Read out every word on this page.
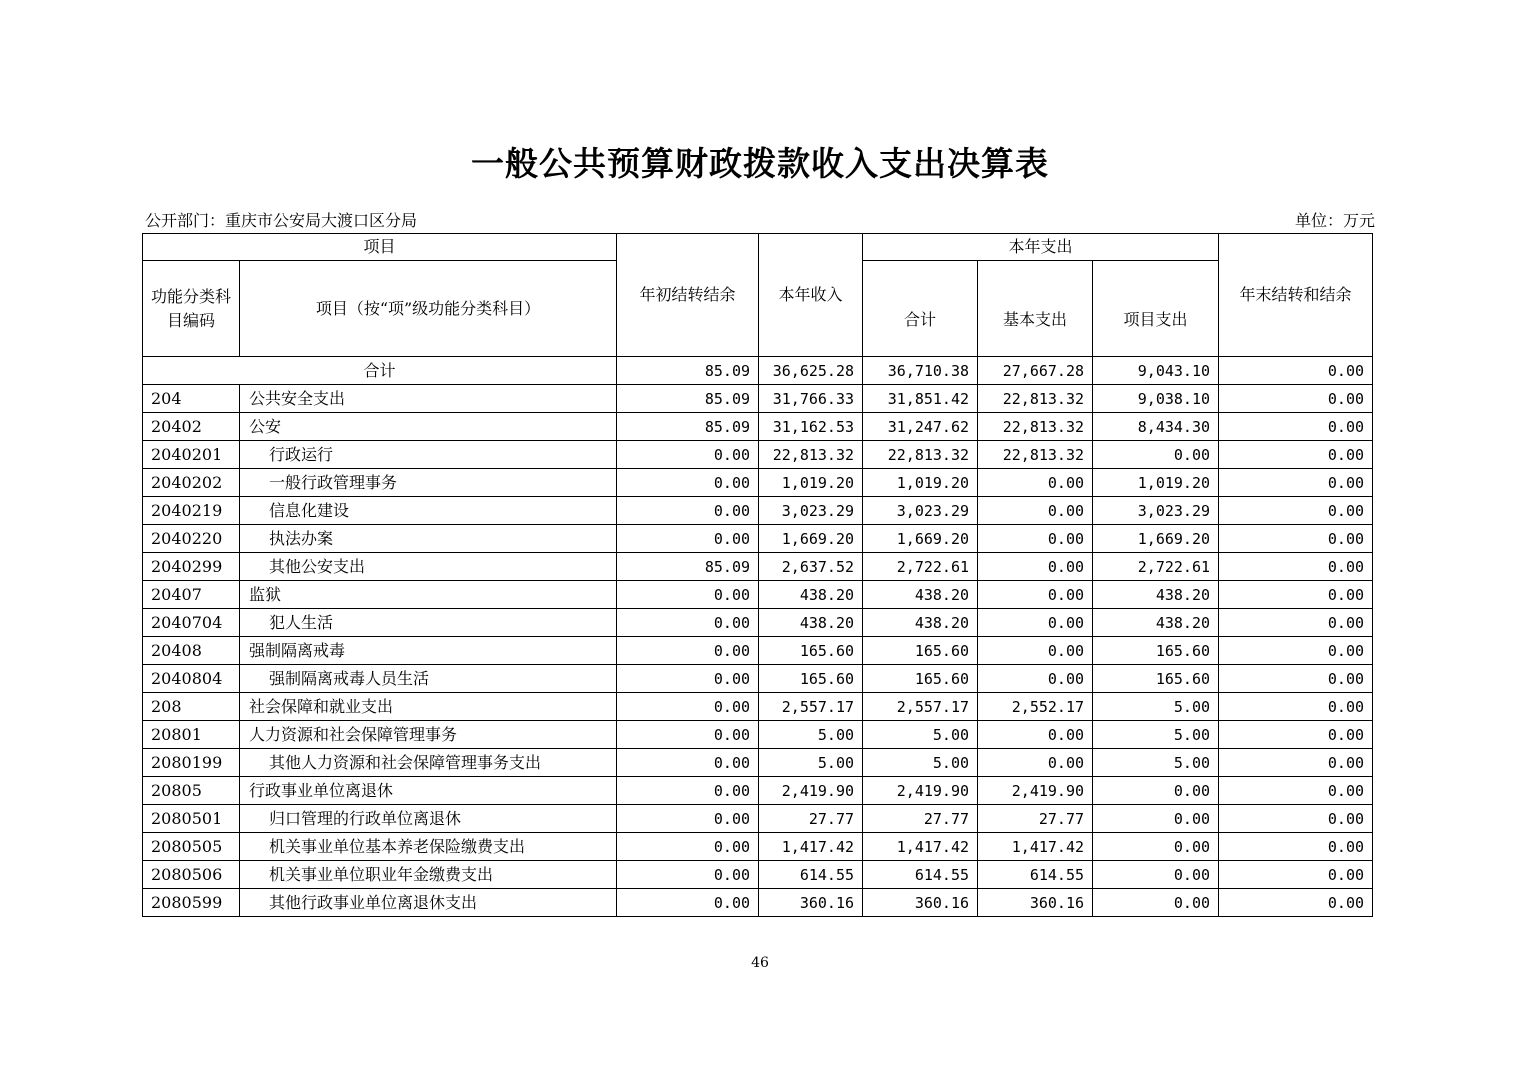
一般公共预算财政拨款收入支出决算表
公开部门：重庆市公安局大渡口区分局	单位：万元
项目		年初结转结余	本年收入	本年支出			年末结转和结余
功能分类科目编码	项目（按“项”级功能分类科目）			合计	基本支出	项目支出	
合计		85.09	36,625.28	36,710.38	27,667.28	9,043.10	0.00
204	公共安全支出	85.09	31,766.33	31,851.42	22,813.32	9,038.10	0.00
20402	公安	85.09	31,162.53	31,247.62	22,813.32	8,434.30	0.00
2040201	行政运行	0.00	22,813.32	22,813.32	22,813.32	0.00	0.00
2040202	一般行政管理事务	0.00	1,019.20	1,019.20	0.00	1,019.20	0.00
2040219	信息化建设	0.00	3,023.29	3,023.29	0.00	3,023.29	0.00
2040220	执法办案	0.00	1,669.20	1,669.20	0.00	1,669.20	0.00
2040299	其他公安支出	85.09	2,637.52	2,722.61	0.00	2,722.61	0.00
20407	监狱	0.00	438.20	438.20	0.00	438.20	0.00
2040704	犯人生活	0.00	438.20	438.20	0.00	438.20	0.00
20408	强制隔离戒毒	0.00	165.60	165.60	0.00	165.60	0.00
2040804	强制隔离戒毒人员生活	0.00	165.60	165.60	0.00	165.60	0.00
208	社会保障和就业支出	0.00	2,557.17	2,557.17	2,552.17	5.00	0.00
20801	人力资源和社会保障管理事务	0.00	5.00	5.00	0.00	5.00	0.00
2080199	其他人力资源和社会保障管理事务支出	0.00	5.00	5.00	0.00	5.00	0.00
20805	行政事业单位离退休	0.00	2,419.90	2,419.90	2,419.90	0.00	0.00
2080501	归口管理的行政单位离退休	0.00	27.77	27.77	27.77	0.00	0.00
2080505	机关事业单位基本养老保险缴费支出	0.00	1,417.42	1,417.42	1,417.42	0.00	0.00
2080506	机关事业单位职业年金缴费支出	0.00	614.55	614.55	614.55	0.00	0.00
2080599	其他行政事业单位离退休支出	0.00	360.16	360.16	360.16	0.00	0.00
46
